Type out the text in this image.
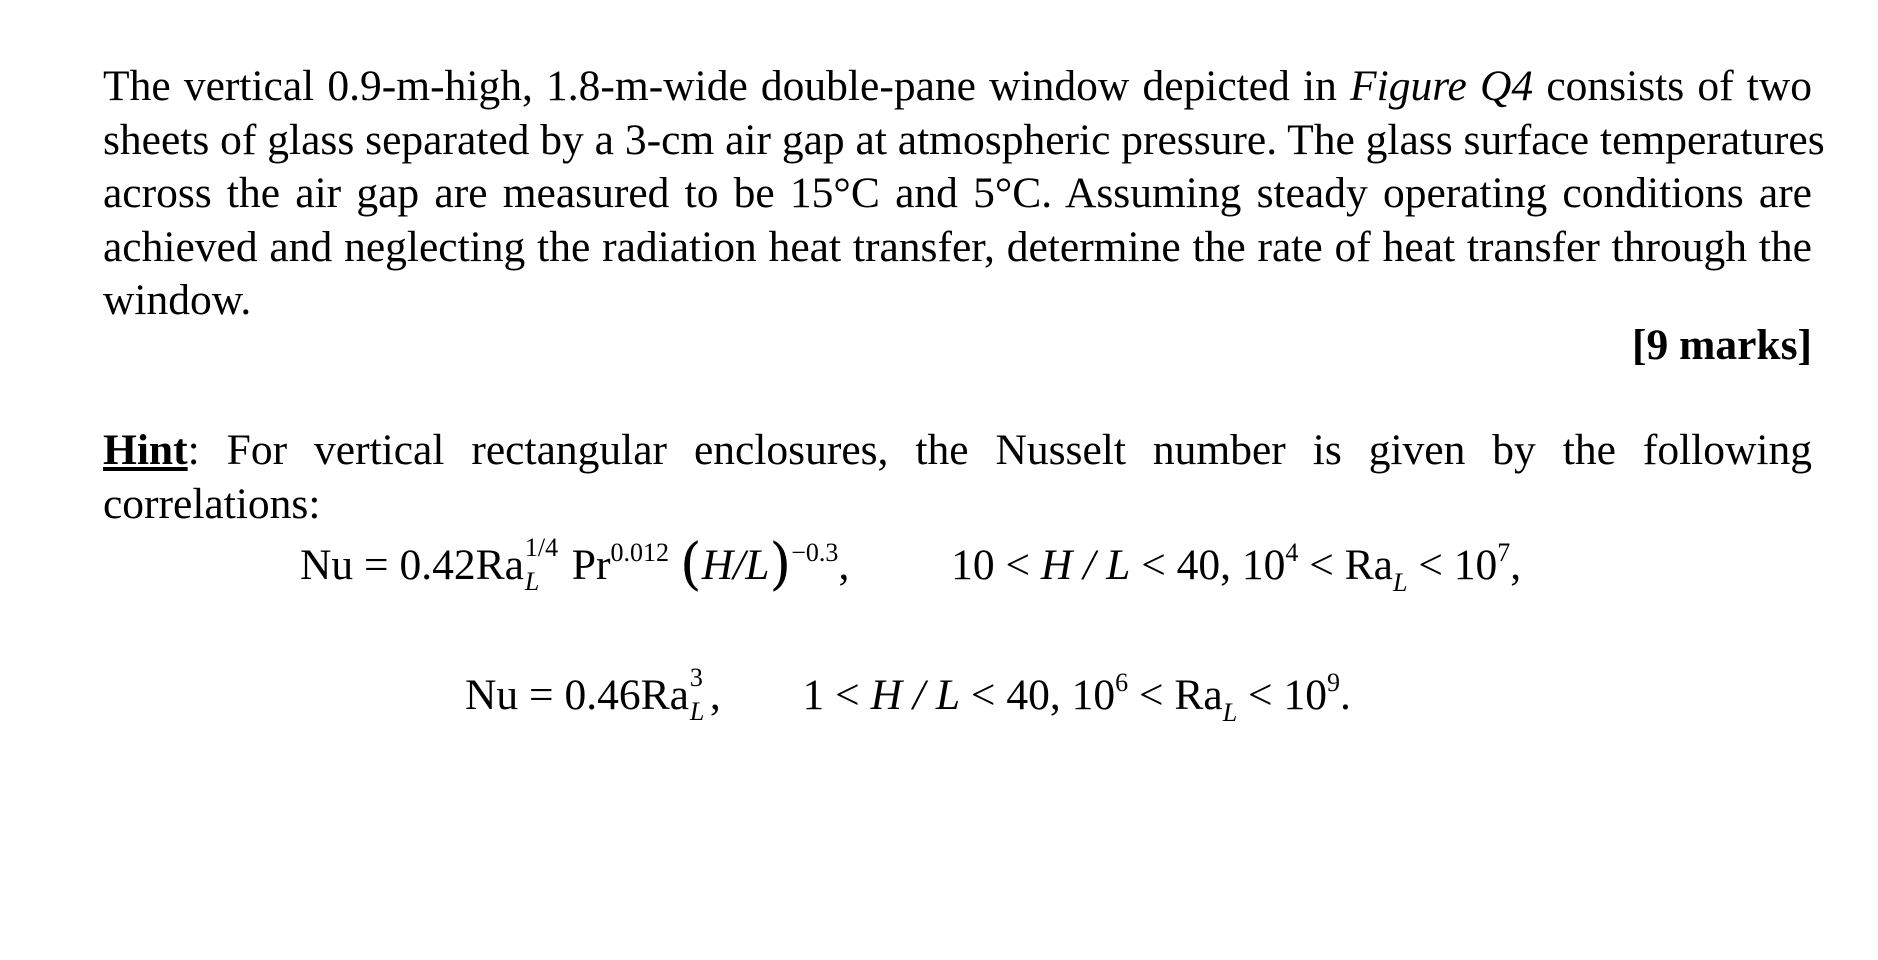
The vertical 0.9-m-high, 1.8-m-wide double-pane window depicted in Figure Q4 consists of two
sheets of glass separated by a 3-cm air gap at atmospheric pressure. The glass surface temperatures
across the air gap are measured to be 15°C and 5°C. Assuming steady operating conditions are
achieved and neglecting the radiation heat transfer, determine the rate of heat transfer through the
window.
[9 marks]
Hint: For vertical rectangular enclosures, the Nusselt number is given by the following
correlations:
Nu = 0.42Ra 1/4
L $Pr^{0.012}$ $(H/L)^{-0.3}$, 10 < H / L < 40, $10^4 < Ra_L < 10^7$,
Nu = 0.46Ra 3
L , 1 < H / L < 40, $10^6 < Ra_L < 10^9$.
